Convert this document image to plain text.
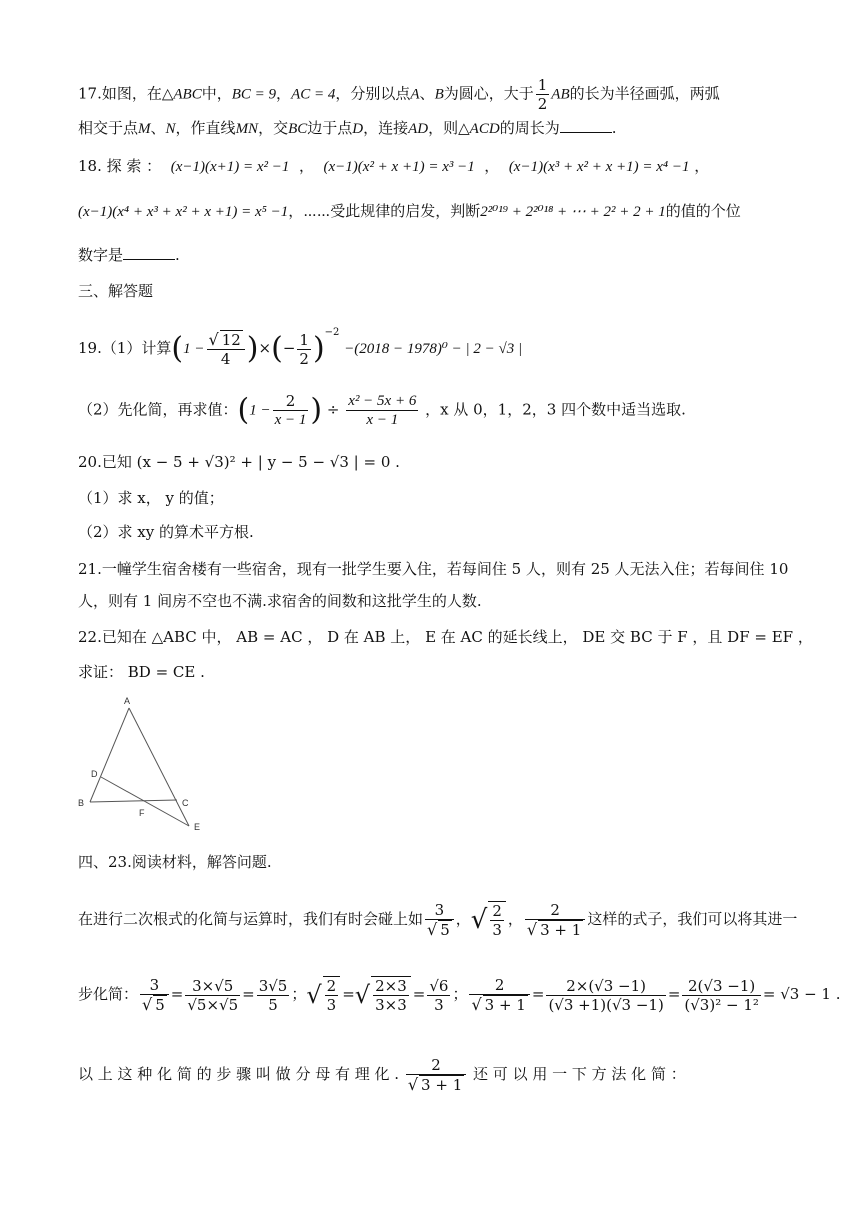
17.如图，在△ABC中，BC = 9，AC = 4，分别以点A、B为圆心，大于 $\frac{1}{2}$ AB的长为半径画弧，两弧
相交于点M、N，作直线MN，交BC边于点D，连接AD，则△ACD的周长为	.
18. 探 索 ： (x−1)(x+1) = x² −1  ，  (x−1)(x² + x +1) = x³ −1  ，  (x−1)(x³ + x² + x +1) = x⁴ −1 ，
(x−1)(x⁴ + x³ + x² + x +1) = x⁵ −1，⋯⋯受此规律的启发，判断2²⁰¹⁹ + 2²⁰¹⁸ + ⋯ + 2² + 2 + 1的值的个位
数字是	.
三、解答题
19.（1）计算($1 - \frac{√ 12}{4}$ )×(− $\frac{1}{2} )^{-2} -(2018 - 1978)^0$ − | 2 − √3 |
（2）先化简，再求值：($1 - \frac{2}{x - 1}$ ) ÷ $\frac{\text{x² − 5x + 6}}{x - 1}$ ，x 从 0，1，2，3 四个数中适当选取.
20.已知 (x − 5 + √3)² + | y − 5 − √3 | = 0 .
（1）求 x， y 的值；
（2）求 xy 的算术平方根.
21.一幢学生宿舍楼有一些宿舍，现有一批学生要入住，若每间住 5 人，则有 25 人无法入住；若每间住 10
人，则有 1 间房不空也不满.求宿舍的间数和这批学生的人数.
22.已知在 △ABC 中， AB = AC ， D 在 AB 上， E 在 AC 的延长线上， DE 交 BC 于 F ，且 DF = EF ，
求证： BD = CE .
A
B	C
D
E
F
四、23.阅读材料，解答问题.
在进行二次根式的化简与运算时，我们有时会碰上如 $\frac{3}{√ 5}$ ，√ $\frac{2}{3}$ ， $\frac{2}{√ 3 + 1}$ 这样的式子，我们可以将其进一
步化简： $\frac{3}{√ 5} = \frac{3\times√5}{√5\times√5} = \frac{3√5}{5}$ ；√ $\frac{2}{3}$ =√ $\frac{2\times 3}{3\times 3} = \frac{√6}{3}$ ； $\frac{2}{√ 3 + 1} = \frac{2\times(√3 -1)}{(√3 +1)(√3 -1)} = \frac{2(√3 -1)}{\text{(√3)² − 1²}} = √3 - 1$ .
以 上 这 种 化 简 的 步 骤 叫 做 分 母 有 理 化 . $\frac{2}{√ 3 + 1}$ 还 可 以 用 一 下 方 法 化 简 ：
